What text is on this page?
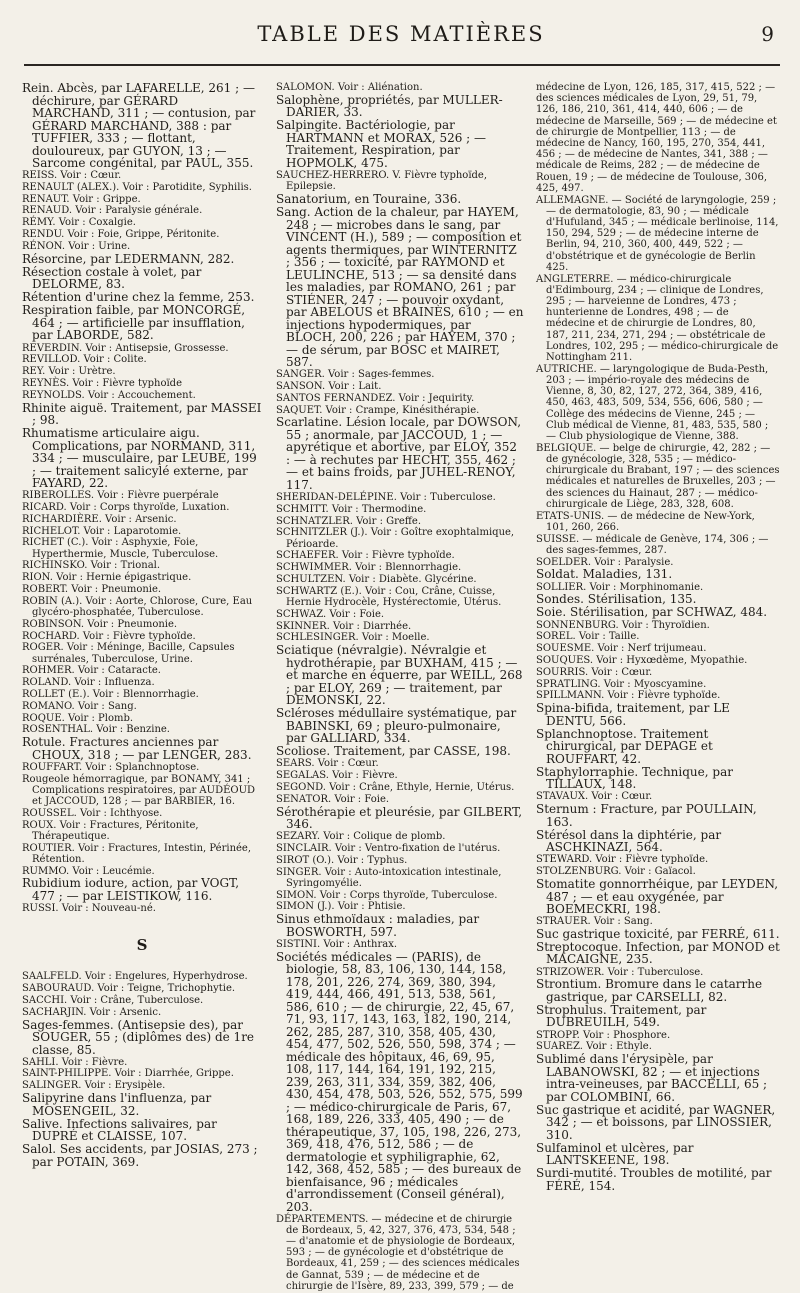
TABLE DES MATIÈRES	9

Rein. Abcès, par LAFARELLE, 261 ; — déchirure, par GÉRARD MARCHAND, 311 ; — contusion, par GÉRARD MARCHAND, 388 : par TUFFIER, 333 ; — flottant, douloureux, par GUYON, 13 ; — Sarcome congénital, par PAUL, 355.

REISS. Voir : Cœur.

RENAULT (ALEX.). Voir : Parotidite, Syphilis.

RENAUT. Voir : Grippe.

RENAUD. Voir : Paralysie générale.

RÉMY. Voir : Coxalgie.

RENDU. Voir : Foie, Grippe, Péritonite.

RÉNON. Voir : Urine.

Résorcine, par LEDERMANN, 282.

Résection costale à volet, par DELORME, 83.

Rétention d'urine chez la femme, 253.

Respiration faible, par MONCORGÉ, 464 ; — artificielle par insufflation, par LABORDE, 582.

REVERDIN. Voir : Antisepsie, Grossesse.

REVILLOD. Voir : Colite.

REY. Voir : Urètre.

REYNÈS. Voir : Fièvre typhoïde

REYNOLDS. Voir : Accouchement.

Rhinite aiguë. Traitement, par MASSEI ; 98.

Rhumatisme articulaire aigu. Complications, par NORMAND, 311, 334 ; — musculaire, par LEUBE, 199 ; — traitement salicylé externe, par FAYARD, 22.

RIBEROLLES. Voir : Fièvre puerpérale

RICARD. Voir : Corps thyroïde, Luxation.

RICHARDIÈRE. Voir : Arsenic.

RICHELOT. Voir : Laparotomie.

RICHET (C.). Voir : Asphyxie, Foie, Hyperthermie, Muscle, Tuberculose.

RICHINSKO. Voir : Trional.

RION. Voir : Hernie épigastrique.

ROBERT. Voir : Pneumonie.

ROBIN (A.). Voir : Aorte, Chlorose, Cure, Eau glycéro-phosphatée, Tuberculose.

ROBINSON. Voir : Pneumonie.

ROCHARD. Voir : Fièvre typhoïde.

ROGER. Voir : Méninge, Bacille, Capsules surrénales, Tuberculose, Urine.

ROHMER. Voir : Cataracte.

ROLAND. Voir : Influenza.

ROLLET (E.). Voir : Blennorrhagie.

ROMANO. Voir : Sang.

ROQUE. Voir : Plomb.

ROSENTHAL. Voir : Benzine.

Rotule. Fractures anciennes par CHOUX, 318 ; — par LENGER, 283.

ROUFFART. Voir : Splanchnoptose.

Rougeole hémorragique, par BONAMY, 341 ; Complications respiratoires, par AUDÉOUD et JACCOUD, 128 ; — par BARBIER, 16.

ROUSSEL. Voir : Ichthyose.

ROUX. Voir : Fractures, Péritonite, Thérapeutique.

ROUTIER. Voir : Fractures, Intestin, Périnée, Rétention.

RUMMO. Voir : Leucémie.

Rubidium iodure, action, par VOGT, 477 ; — par LEISTIKOW, 116.

RUSSI. Voir : Nouveau-né.

S

SAALFELD. Voir : Engelures, Hyperhydrose.

SABOURAUD. Voir : Teigne, Trichophytie.

SACCHI. Voir : Crâne, Tuberculose.

SACHARJIN. Voir : Arsenic.

Sages-femmes. (Antisepsie des), par SOUGER, 55 ; (diplômes des) de 1re classe, 85.

SAHLI. Voir : Fièvre.

SAINT-PHILIPPE. Voir : Diarrhée, Grippe.

SALINGER. Voir : Erysipèle.

Salipyrine dans l'influenza, par MOSENGEIL, 32.

Salive. Infections salivaires, par DUPRÉ et CLAISSE, 107.

Salol. Ses accidents, par JOSIAS, 273 ; par POTAIN, 369.

SALOMON. Voir : Aliénation.

Salophène, propriétés, par MULLER-DARIER, 33.

Salpingite. Bactériologie, par HARTMANN et MORAX, 526 ; — Traitement, Respiration, par HOPMOLK, 475.

SAUCHEZ-HERRERO. V. Fièvre typhoïde, Epilepsie.

Sanatorium, en Touraine, 336.

Sang. Action de la chaleur, par HAYEM, 248 ; — microbes dans le sang, par VINCENT (H.), 589 ; — composition et agents thermiques, par WINTERNITZ ; 356 ; — toxicité, par RAYMOND et LEULINCHE, 513 ; — sa densité dans les maladies, par ROMANO, 261 ; par STIÉNER, 247 ; — pouvoir oxydant, par ABELOUS et BRAINÈS, 610 ; — en injections hypodermiques, par BLOCH, 200, 226 ; par HAYEM, 370 ; — de sérum, par BOSC et MAIRET, 587.

SANGER. Voir : Sages-femmes.

SANSON. Voir : Lait.

SANTOS FERNANDEZ. Voir : Jequirity.

SAQUET. Voir : Crampe, Kinésithérapie.

Scarlatine. Lésion locale, par DOWSON, 55 ; anormale, par JACCOUD, 1 ; — apyrétique et abortive, par ELOY, 352 : — à rechutes par HECHT, 355, 462 ; — et bains froids, par JUHEL-RENOY, 117.

SHERIDAN-DELÉPINE. Voir : Tuberculose.

SCHMITT. Voir : Thermodine.

SCHNATZLER. Voir : Greffe.

SCHNITZLER (J.). Voir : Goître exophtalmique, Périoarde.

SCHAEFER. Voir : Fièvre typhoïde.

SCHWIMMER. Voir : Blennorrhagie.

SCHULTZEN. Voir : Diabète. Glycérine.

SCHWARTZ (E.). Voir : Cou, Crâne, Cuisse, Hernie Hydrocèle, Hystérectomie, Utérus.

SCHWAZ. Voir : Foie.

SKINNER. Voir : Diarrhée.

SCHLESINGER. Voir : Moelle.

Sciatique (névralgie). Névralgie et hydrothérapie, par BUXHAM, 415 ; — et marche en équerre, par WEILL, 268 ; par ELOY, 269 ; — traitement, par DEMONSKI, 22.

Scléroses médullaire systématique, par BABINSKI, 69 ; pleuro-pulmonaire, par GALLIARD, 334.

Scoliose. Traitement, par CASSE, 198.

SEARS. Voir : Cœur.

SEGALAS. Voir : Fièvre.

SEGOND. Voir : Crâne, Ethyle, Hernie, Utérus.

SENATOR. Voir : Foie.

Sérothérapie et pleurésie, par GILBERT, 346.

SEZARY. Voir : Colique de plomb.

SINCLAIR. Voir : Ventro-fixation de l'utérus.

SIROT (O.). Voir : Typhus.

SINGER. Voir : Auto-intoxication intestinale, Syringomyélie.

SIMON. Voir : Corps thyroïde, Tuberculose.

SIMON (J.). Voir : Phtisie.

Sinus ethmoïdaux : maladies, par BOSWORTH, 597.

SISTINI. Voir : Anthrax.

Sociétés médicales — (PARIS), de biologie, 58, 83, 106, 130, 144, 158, 178, 201, 226, 274, 369, 380, 394, 419, 444, 466, 491, 513, 538, 561, 586, 610 ; — de chirurgie, 22, 45, 67, 71, 93, 117, 143, 163, 182, 190, 214, 262, 285, 287, 310, 358, 405, 430, 454, 477, 502, 526, 550, 598, 374 ; — médicale des hôpitaux, 46, 69, 95, 108, 117, 144, 164, 191, 192, 215, 239, 263, 311, 334, 359, 382, 406, 430, 454, 478, 503, 526, 552, 575, 599 ; — médico-chirurgicale de Paris, 67, 168, 189, 226, 333, 405, 490 ; — de thérapeutique, 37, 105, 198, 226, 273, 369, 418, 476, 512, 586 ; — de dermatologie et syphiligraphie, 62, 142, 368, 452, 585 ; — des bureaux de bienfaisance, 96 ; médicales d'arrondissement (Conseil général), 203.

DÉPARTEMENTS. — médecine et de chirurgie de Bordeaux, 5, 42, 327, 376, 473, 534, 548 ; — d'anatomie et de physiologie de Bordeaux, 593 ; — de gynécologie et d'obstétrique de Bordeaux, 41, 259 ; — des sciences médicales de Gannat, 539 ; — de médecine et de chirurgie de l'Isère, 89, 233, 399, 579 ; — de

médecine de Lyon, 126, 185, 317, 415, 522 ; — des sciences médicales de Lyon, 29, 51, 79, 126, 186, 210, 361, 414, 440, 606 ; — de médecine de Marseille, 569 ; — de médecine et de chirurgie de Montpellier, 113 ; — de médecine de Nancy, 160, 195, 270, 354, 441, 456 ; — de médecine de Nantes, 341, 388 ; — médicale de Reims, 282 ; — de médecine de Rouen, 19 ; — de médecine de Toulouse, 306, 425, 497.

ALLEMAGNE. — Société de laryngologie, 259 ; — de dermatologie, 83, 90 ; — médicale d'Hufuland, 345 ; — médicale berlinoise, 114, 150, 294, 529 ; — de médecine interne de Berlin, 94, 210, 360, 400, 449, 522 ; — d'obstétrique et de gynécologie de Berlin 425.

ANGLETERRE. — médico-chirurgicale d'Edimbourg, 234 ; — clinique de Londres, 295 ; — harveienne de Londres, 473 ; hunterienne de Londres, 498 ; — de médecine et de chirurgie de Londres, 80, 187, 211, 234, 271, 294 ; — obstétricale de Londres, 102, 295 ; — médico-chirurgicale de Nottingham 211.

AUTRICHE. — laryngologique de Buda-Pesth, 203 ; — império-royale des médecins de Vienne, 8, 30, 82, 127, 272, 364, 389, 416, 450, 463, 483, 509, 534, 556, 606, 580 ; — Collège des médecins de Vienne, 245 ; — Club médical de Vienne, 81, 483, 535, 580 ; — Club physiologique de Vienne, 388.

BELGIQUE. — belge de chirurgie, 42, 282 ; — de gynécologie, 328, 535 ; — médico-chirurgicale du Brabant, 197 ; — des sciences médicales et naturelles de Bruxelles, 203 ; — des sciences du Hainaut, 287 ; — médico-chirurgicale de Liège, 283, 328, 608.

ETATS-UNIS. — de médecine de New-York, 101, 260, 266.

SUISSE. — médicale de Genève, 174, 306 ; — des sages-femmes, 287.

SOELDER. Voir : Paralysie.

Soldat. Maladies, 131.

SOLLIER. Voir : Morphinomanie.

Sondes. Stérilisation, 135.

Soie. Stérilisation, par SCHWAZ, 484.

SONNENBURG. Voir : Thyroïdien.

SOREL. Voir : Taille.

SOUESME. Voir : Nerf trijumeau.

SOUQUES. Voir : Hyxœdème, Myopathie.

SOURRIS. Voir : Cœur.

SPRATLING. Voir : Myoscyamine.

SPILLMANN. Voir : Fièvre typhoïde.

Spina-bifida, traitement, par LE DENTU, 566.

Splanchnoptose. Traitement chirurgical, par DEPAGE et ROUFFART, 42.

Staphylorraphie. Technique, par TILLAUX, 148.

STAVAUX. Voir : Cœur.

Sternum : Fracture, par POULLAIN, 163.

Stérésol dans la diphtérie, par ASCHKINAZI, 564.

STEWARD. Voir : Fièvre typhoïde.

STOLZENBURG. Voir : Gaïacol.

Stomatite gonnorrhéique, par LEYDEN, 487 ; — et eau oxygénée, par BOEMECKRI, 198.

STRAUER. Voir : Sang.

Suc gastrique toxicité, par FERRÉ, 611.

Streptocoque. Infection, par MONOD et MACAIGNE, 235.

STRIZOWER. Voir : Tuberculose.

Strontium. Bromure dans le catarrhe gastrique, par CARSELLI, 82.

Strophulus. Traitement, par DUBREUILH, 549.

STROPP. Voir : Phosphore.

SUAREZ. Voir : Ethyle.

Sublimé dans l'érysipèle, par LABANOWSKI, 82 ; — et injections intra-veineuses, par BACCELLI, 65 ; par COLOMBINI, 66.

Suc gastrique et acidité, par WAGNER, 342 ; — et boissons, par LINOSSIER, 310.

Sulfaminol et ulcères, par LANTSKEENE, 198.

Surdi-mutité. Troubles de motilité, par FÉRÉ, 154.
